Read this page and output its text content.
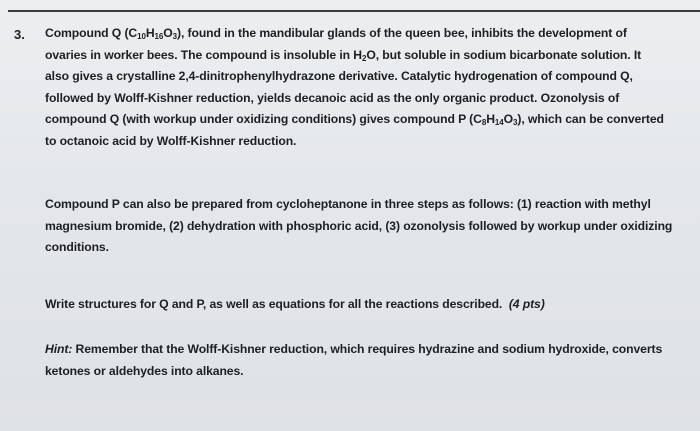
3. Compound Q $(C_{10}H_{16}O_3)$, found in the mandibular glands of the queen bee, inhibits the development of
ovaries in worker bees. The compound is insoluble in $H_2O$, but soluble in sodium bicarbonate solution. It
also gives a crystalline 2,4-dinitrophenylhydrazone derivative. Catalytic hydrogenation of compound Q,
followed by Wolff-Kishner reduction, yields decanoic acid as the only organic product. Ozonolysis of
compound Q (with workup under oxidizing conditions) gives compound P $(C_8H_{14}O_3)$, which can be converted
to octanoic acid by Wolff-Kishner reduction.
Compound P can also be prepared from cycloheptanone in three steps as follows: (1) reaction with methyl
magnesium bromide, (2) dehydration with phosphoric acid, (3) ozonolysis followed by workup under oxidizing
conditions.
Write structures for Q and P, as well as equations for all the reactions described. (4 pts)
Hint: Remember that the Wolff-Kishner reduction, which requires hydrazine and sodium hydroxide, converts
ketones or aldehydes into alkanes.
